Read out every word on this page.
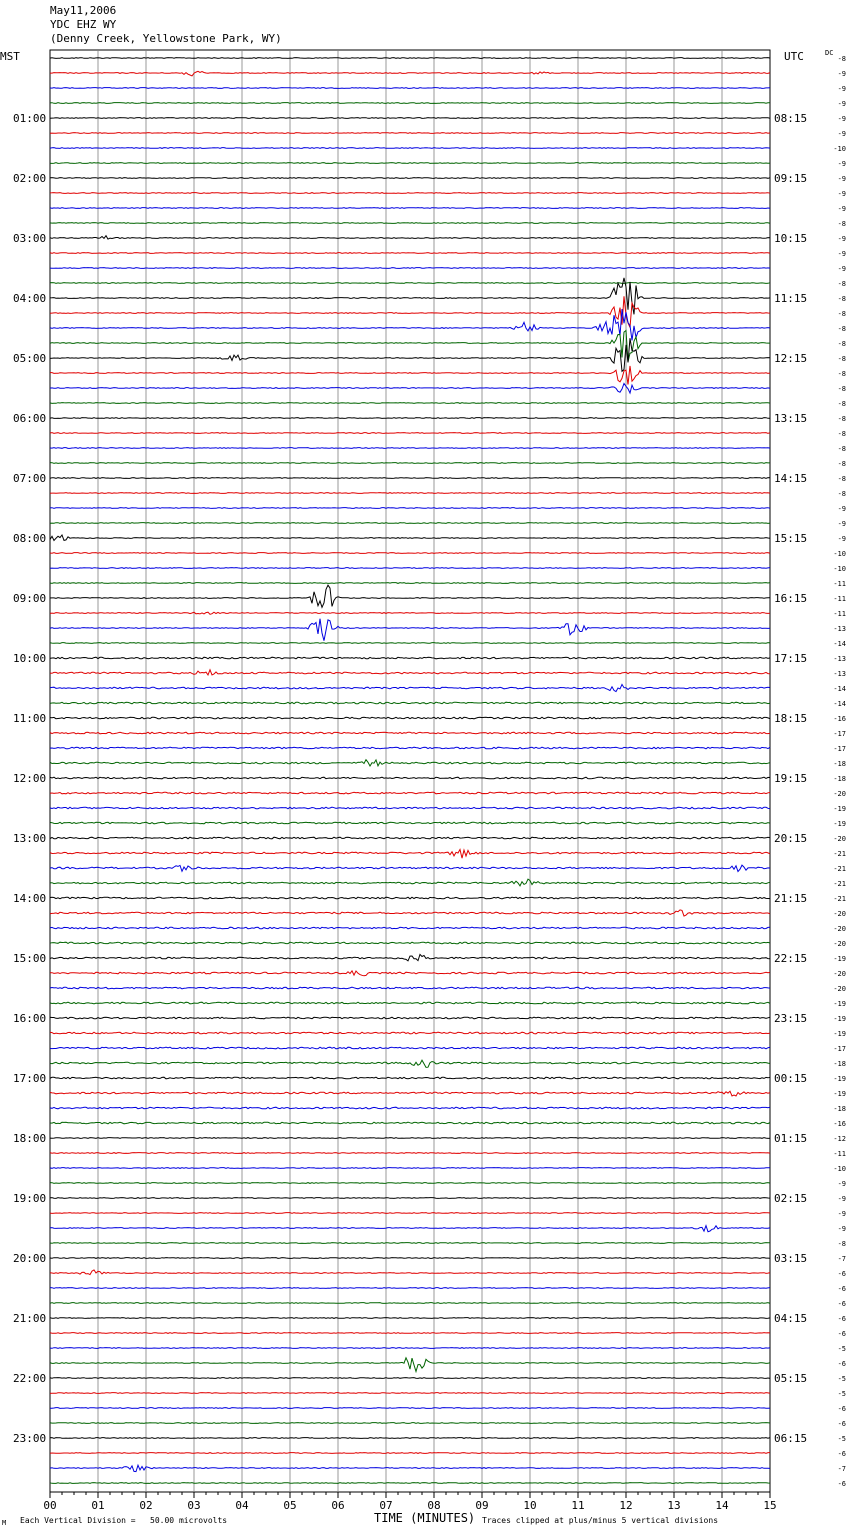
May11,2006
YDC EHZ WY
(Denny Creek, Yellowstone Park, WY)
MST	UTC	DC
TIME (MINUTES)
M Each Vertical Division =   50.00 microvolts	Traces clipped at plus/minus 5 vertical divisions
00	01	02	03	04	05	06	07	08	09	10	11	12	13	14	15
-8
-9
-9
-9
-9
-9
-10
-9
-9
-9
-9
-8
-9
-9
-9
-8
-8
-8
-8
-8
-8
-8
-8
-8
-8
-8
-8
-8
-8
-8
-9
-9
-9
-10
-10
-11
-11
-11
-13
-14
-13
-13
-14
-14
-16
-17
-17
-18
-18
-20
-19
-19
-20
-21
-21
-21
-21
-20
-20
-20
-19
-20
-20
-19
-19
-19
-17
-18
-19
-19
-18
-16
-12
-11
-10
-9
-9
-9
-9
-8
-7
-6
-6
-6
-6
-6
-5
-6
-5
-5
-6
-6
-5
-6
-7
-6
01:00
02:00
03:00
04:00
05:00
06:00
07:00
08:00
09:00
10:00
11:00
12:00
13:00
14:00
15:00
16:00
17:00
18:00
19:00
20:00
21:00
22:00
23:00
08:15
09:15
10:15
11:15
12:15
13:15
14:15
15:15
16:15
17:15
18:15
19:15
20:15
21:15
22:15
23:15
00:15
01:15
02:15
03:15
04:15
05:15
06:15
